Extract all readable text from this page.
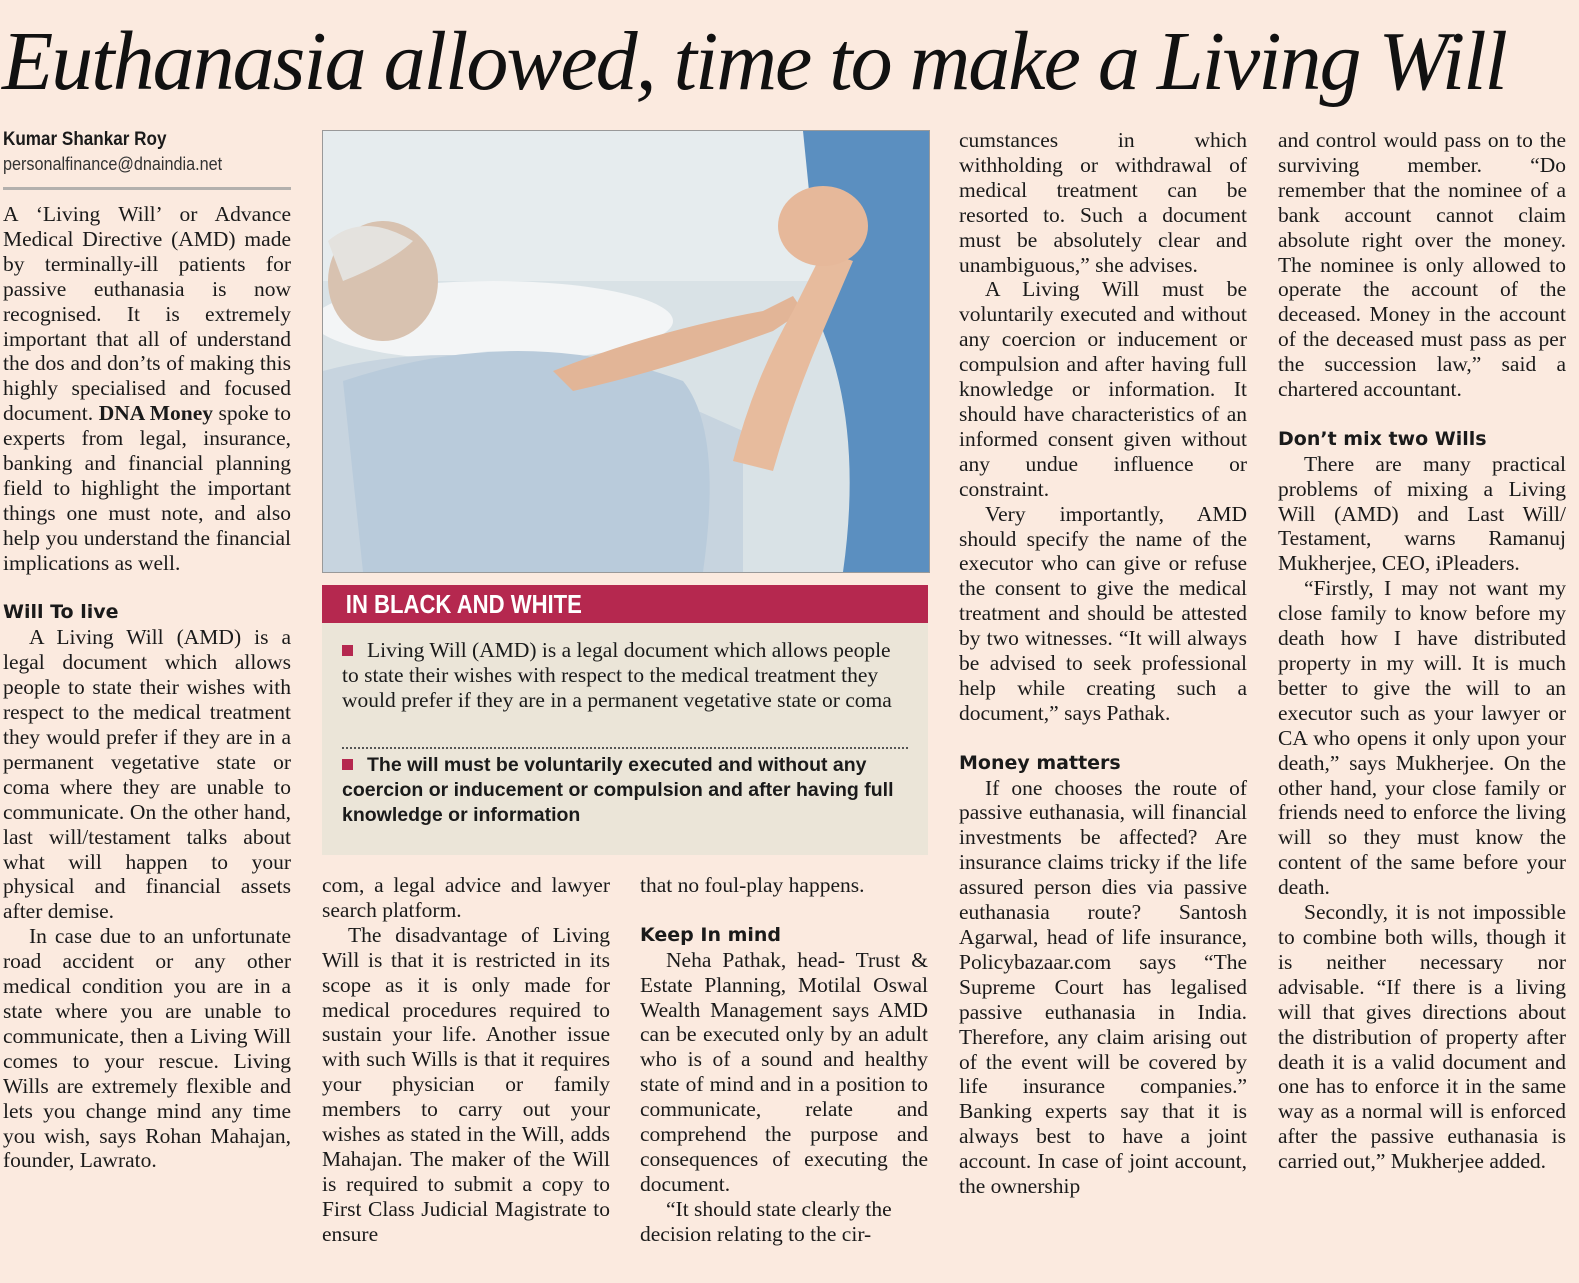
Euthanasia allowed, time to make a Living Will
Kumar Shankar Roy
personalfinance@dnaindia.net

A ‘Living Will’ or Advance Medical Directive (AMD) made by terminally-ill patients for passive euthanasia is now recognised. It is extremely important that all of understand the dos and don’ts of making this highly specialised and focused document. DNA Money spoke to experts from legal, insurance, banking and financial planning field to highlight the important things one must note, and also help you understand the financial implications as well.

Will To live

A Living Will (AMD) is a legal document which allows people to state their wishes with respect to the medical treatment they would prefer if they are in a permanent vegetative state or coma where they are unable to communicate. On the other hand, last will/testament talks about what will happen to your physical and financial assets after demise.

In case due to an unfortunate road accident or any other medical condition you are in a state where you are unable to communicate, then a Living Will comes to your rescue. Living Wills are extremely flexible and lets you change mind any time you wish, says Rohan Mahajan, founder, Lawrato.

IN BLACK AND WHITE
Living Will (AMD) is a legal document which allows people to state their wishes with respect to the medical treatment they would prefer if they are in a permanent vegetative state or coma
The will must be voluntarily executed and without any coercion or inducement or compulsion and after having full knowledge or information

com, a legal advice and lawyer search platform.

The disadvantage of Living Will is that it is restricted in its scope as it is only made for medical procedures required to sustain your life. Another issue with such Wills is that it requires your physician or family members to carry out your wishes as stated in the Will, adds Mahajan. The maker of the Will is required to submit a copy to First Class Judicial Magistrate to ensure

that no foul-play happens.

Keep In mind

Neha Pathak, head- Trust & Estate Planning, Motilal Oswal Wealth Management says AMD can be executed only by an adult who is of a sound and healthy state of mind and in a position to communicate, relate and comprehend the purpose and consequences of executing the document.

“It should state clearly the decision relating to the cir-

cumstances in which withholding or withdrawal of medical treatment can be resorted to. Such a document must be absolutely clear and unambiguous,” she advises.

A Living Will must be voluntarily executed and without any coercion or inducement or compulsion and after having full knowledge or information. It should have characteristics of an informed consent given without any undue influence or constraint.

Very importantly, AMD should specify the name of the executor who can give or refuse the consent to give the medical treatment and should be attested by two witnesses. “It will always be advised to seek professional help while creating such a document,” says Pathak.

Money matters

If one chooses the route of passive euthanasia, will financial investments be affected? Are insurance claims tricky if the life assured person dies via passive euthanasia route? Santosh Agarwal, head of life insurance, Policybazaar.com says “The Supreme Court has legalised passive euthanasia in India. Therefore, any claim arising out of the event will be covered by life insurance companies.” Banking experts say that it is always best to have a joint account. In case of joint account, the ownership

and control would pass on to the surviving member. “Do remember that the nominee of a bank account cannot claim absolute right over the money. The nominee is only allowed to operate the account of the deceased. Money in the account of the deceased must pass as per the succession law,” said a chartered accountant.

Don’t mix two Wills

There are many practical problems of mixing a Living Will (AMD) and Last Will/ Testament, warns Ramanuj Mukherjee, CEO, iPleaders.

“Firstly, I may not want my close family to know before my death how I have distributed property in my will. It is much better to give the will to an executor such as your lawyer or CA who opens it only upon your death,” says Mukherjee. On the other hand, your close family or friends need to enforce the living will so they must know the content of the same before your death.

Secondly, it is not impossible to combine both wills, though it is neither necessary nor advisable. “If there is a living will that gives directions about the distribution of property after death it is a valid document and one has to enforce it in the same way as a normal will is enforced after the passive euthanasia is carried out,” Mukherjee added.
